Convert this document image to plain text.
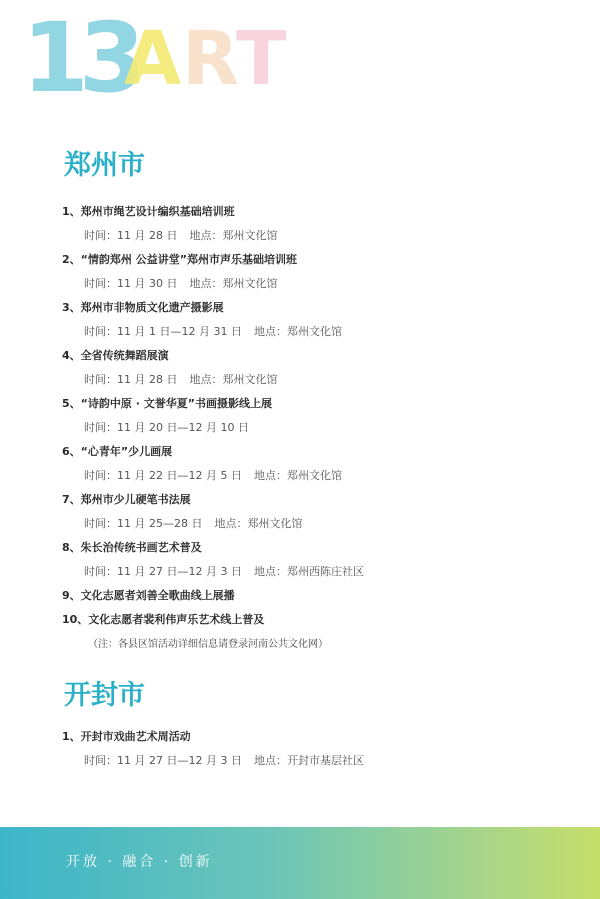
13
A R
T
郑州市
1、郑州市绳艺设计编织基础培训班
时间：11 月 28 日 地点：郑州文化馆
2、“情韵郑州 公益讲堂”郑州市声乐基础培训班
时间：11 月 30 日 地点：郑州文化馆
3、郑州市非物质文化遗产摄影展
时间：11 月 1 日—12 月 31 日 地点：郑州文化馆
4、全省传统舞蹈展演
时间：11 月 28 日 地点：郑州文化馆
5、“诗韵中原 · 文誉华夏”书画摄影线上展
时间：11 月 20 日—12 月 10 日
6、“心青年”少儿画展
时间：11 月 22 日—12 月 5 日 地点：郑州文化馆
7、郑州市少儿硬笔书法展
时间：11 月 25—28 日 地点：郑州文化馆
8、朱长治传统书画艺术普及
时间：11 月 27 日—12 月 3 日 地点：郑州西陈庄社区
9、文化志愿者刘善全歌曲线上展播
10、文化志愿者裴利伟声乐艺术线上普及
（注：各县区馆活动详细信息请登录河南公共文化网）
开封市
1、开封市戏曲艺术周活动
时间：11 月 27 日—12 月 3 日 地点：开封市基层社区
开放 · 融合 · 创新
